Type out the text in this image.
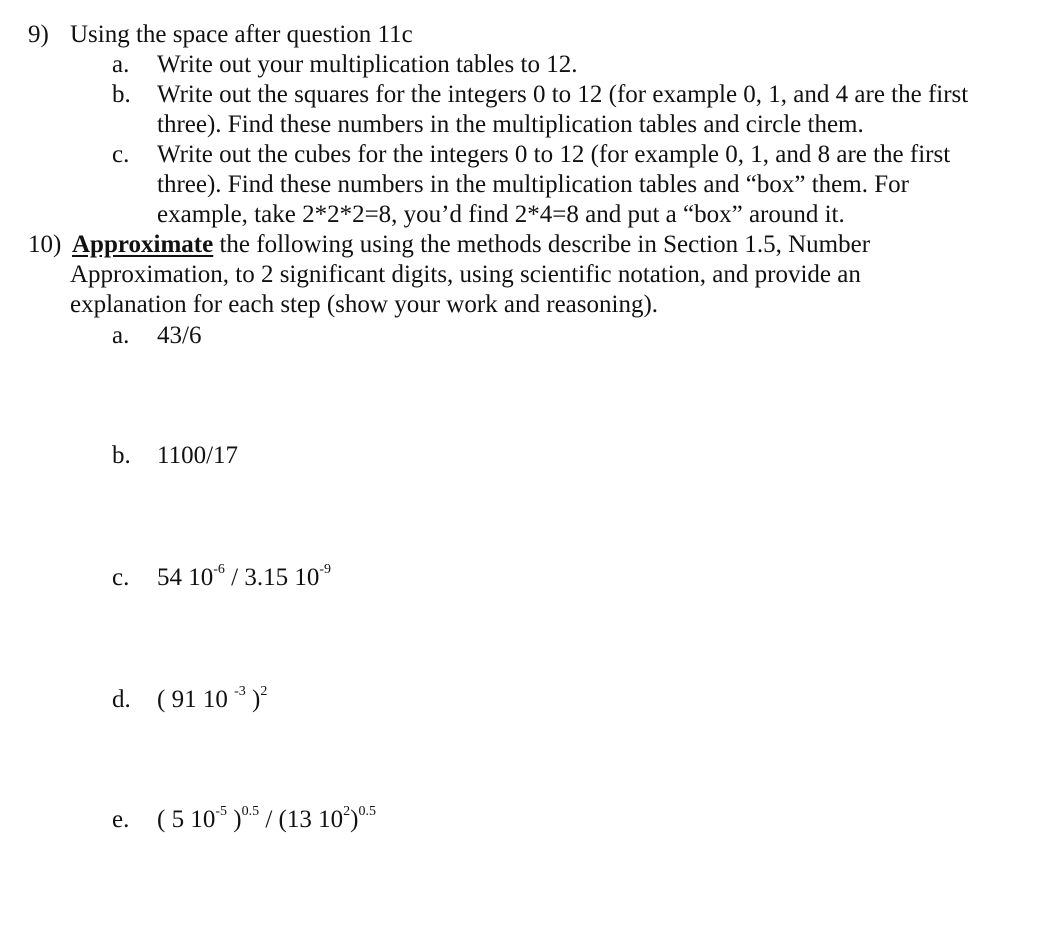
9) Using the space after question 11c
a. Write out your multiplication tables to 12.
b. Write out the squares for the integers 0 to 12 (for example 0, 1, and 4 are the first
three). Find these numbers in the multiplication tables and circle them.
c. Write out the cubes for the integers 0 to 12 (for example 0, 1, and 8 are the first
three). Find these numbers in the multiplication tables and “box” them. For
example, take 2*2*2=8, you’d find 2*4=8 and put a “box” around it.
10) Approximate the following using the methods describe in Section 1.5, Number
Approximation, to 2 significant digits, using scientific notation, and provide an
explanation for each step (show your work and reasoning).
a. 43/6
b. 1100/17
c. 54 $10^{-6} / 3.15$ $10^{-9}$
d. ( 91 10 $^{-3}$ )$^2$
e. ( 5 $10^{-5}$ )$^{0.5}$ / (13 $10^2)^{0.5}$
